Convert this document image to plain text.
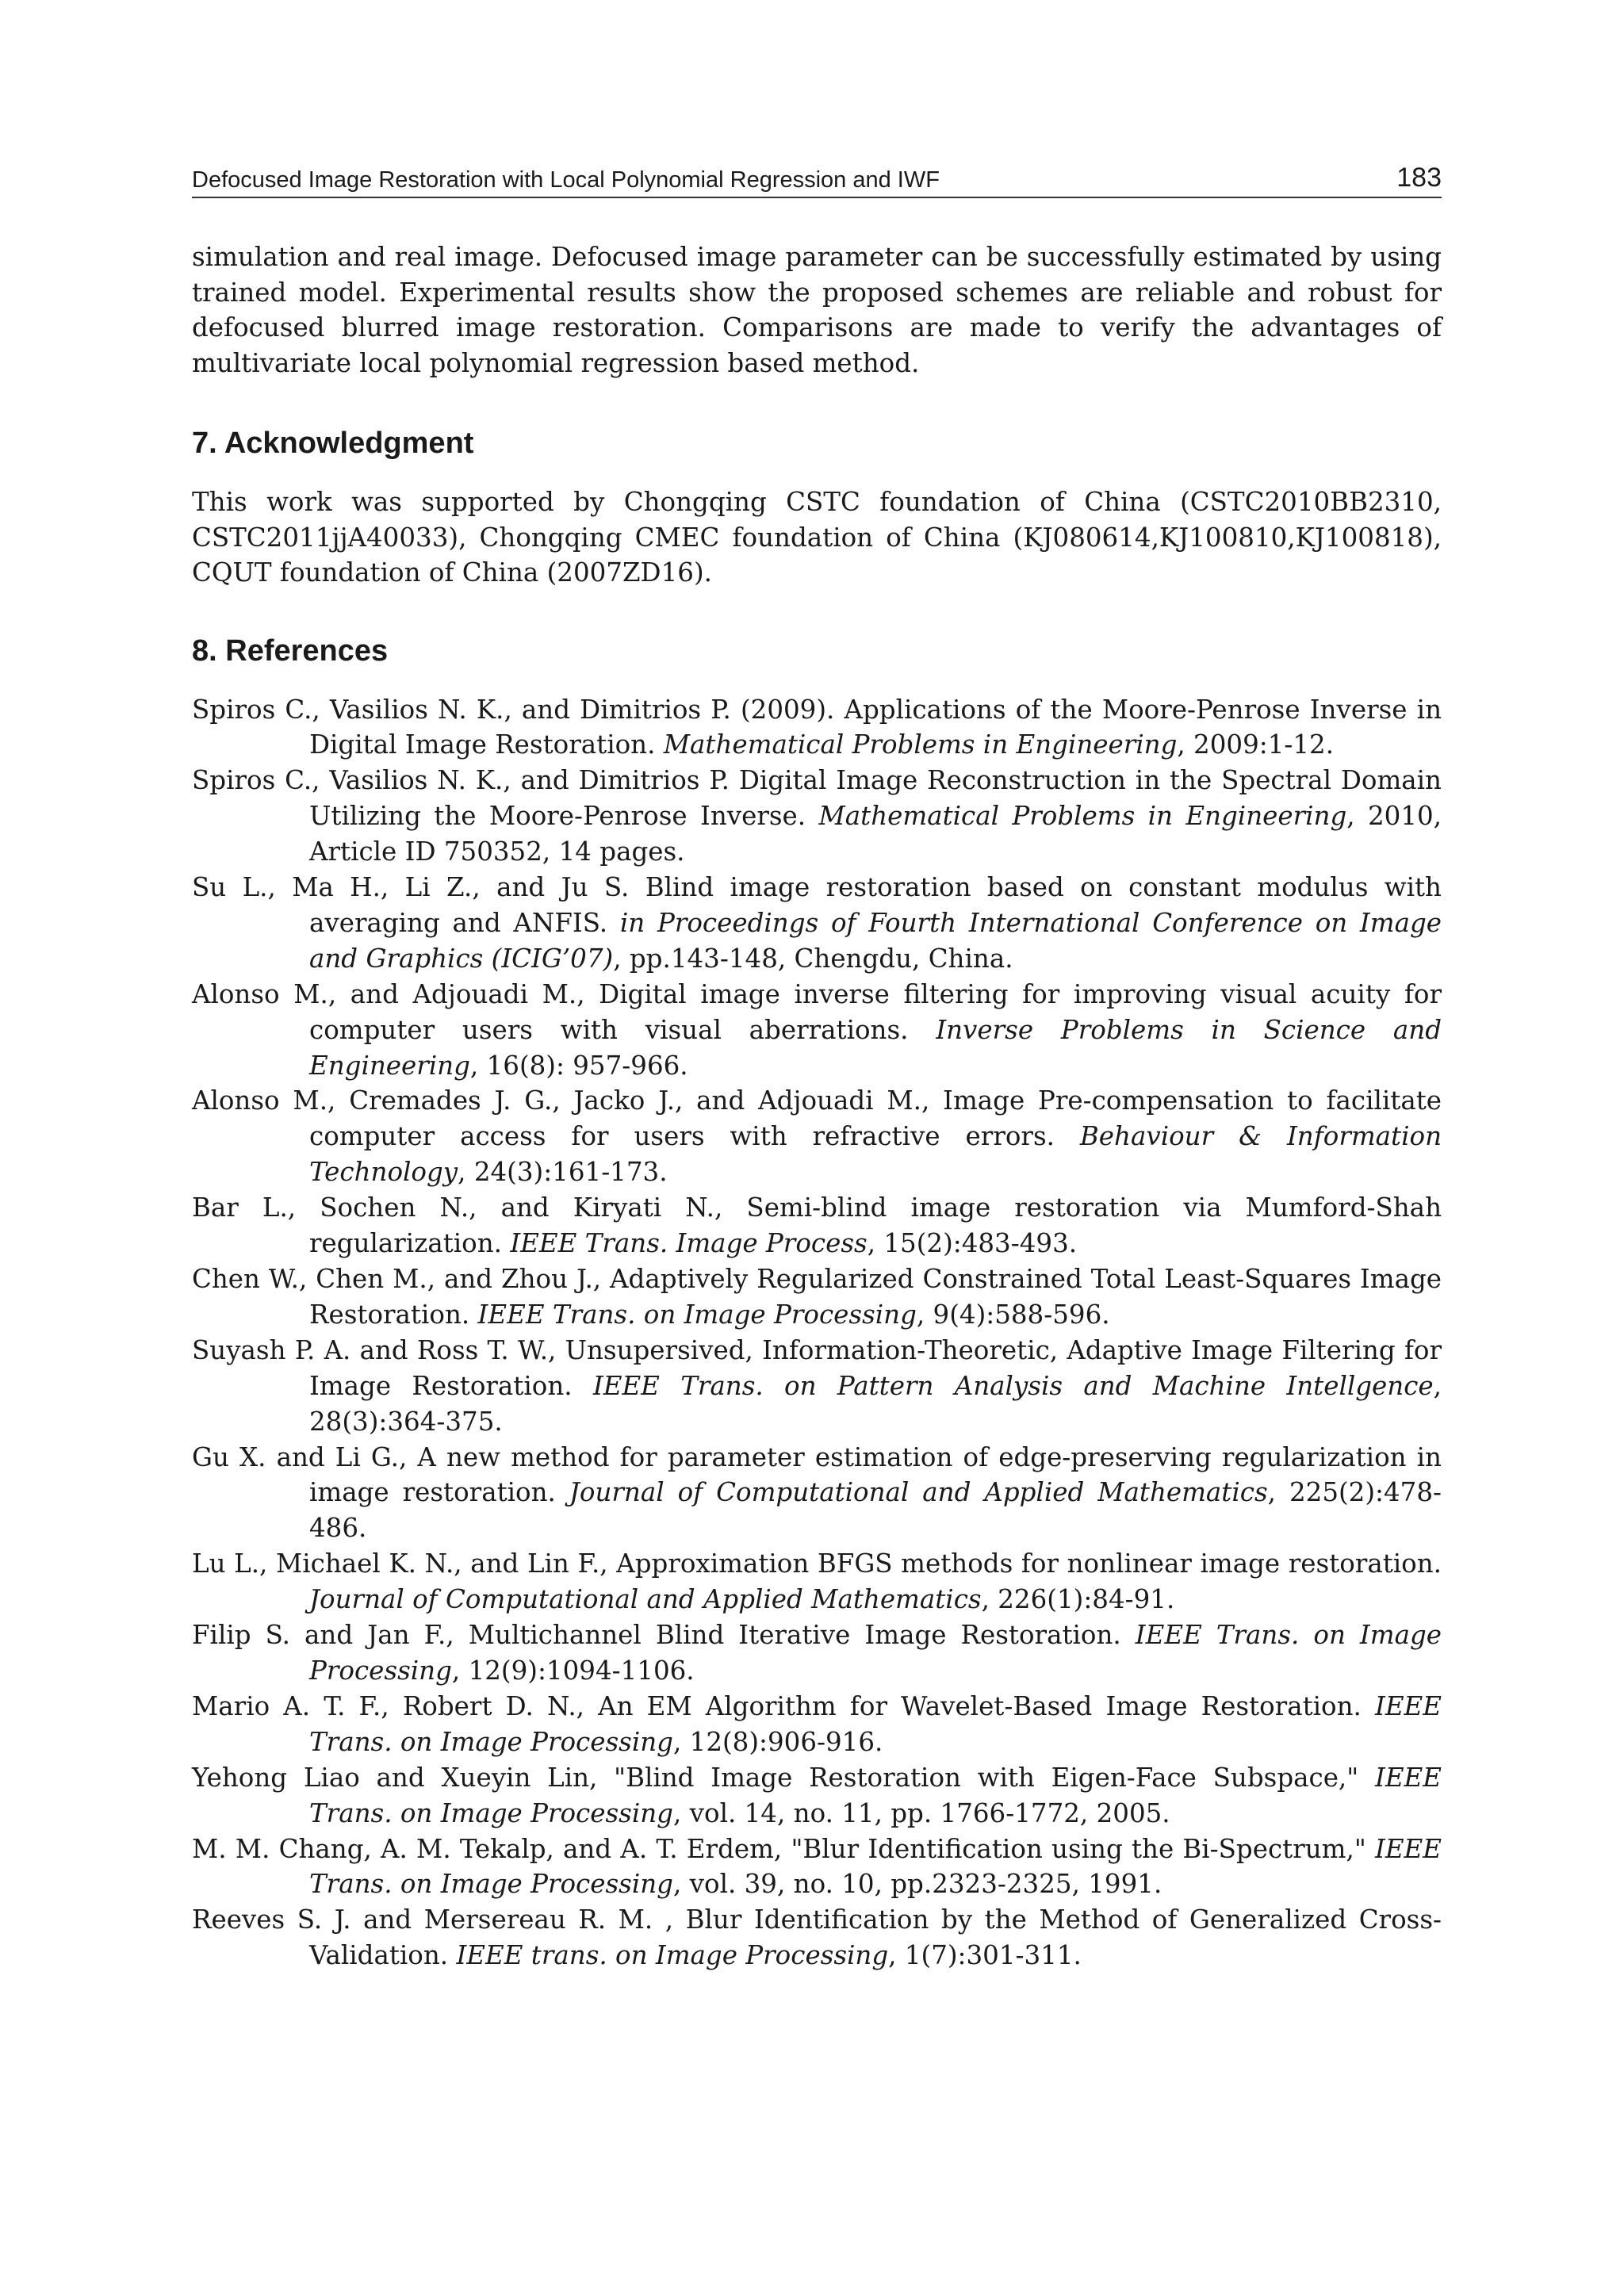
Defocused Image Restoration with Local Polynomial Regression and IWF	183

simulation and real image. Defocused image parameter can be successfully estimated by using trained model. Experimental results show the proposed schemes are reliable and robust for defocused blurred image restoration. Comparisons are made to verify the advantages of multivariate local polynomial regression based method.

7. Acknowledgment

This work was supported by Chongqing CSTC foundation of China (CSTC2010BB2310, CSTC2011jjA40033), Chongqing CMEC foundation of China (KJ080614,KJ100810,KJ100818), CQUT foundation of China (2007ZD16).

8. References
Spiros C., Vasilios N. K., and Dimitrios P. (2009). Applications of the Moore-Penrose Inverse in Digital Image Restoration. Mathematical Problems in Engineering, 2009:1-12.
Spiros C., Vasilios N. K., and Dimitrios P. Digital Image Reconstruction in the Spectral Domain Utilizing the Moore-Penrose Inverse. Mathematical Problems in Engineering, 2010, Article ID 750352, 14 pages.
Su L., Ma H., Li Z., and Ju S. Blind image restoration based on constant modulus with averaging and ANFIS. in Proceedings of Fourth International Conference on Image and Graphics (ICIG’07), pp.143-148, Chengdu, China.
Alonso M., and Adjouadi M., Digital image inverse filtering for improving visual acuity for computer users with visual aberrations. Inverse Problems in Science and Engineering, 16(8): 957-966.
Alonso M., Cremades J. G., Jacko J., and Adjouadi M., Image Pre-compensation to facilitate computer access for users with refractive errors. Behaviour & Information Technology, 24(3):161-173.
Bar L., Sochen N., and Kiryati N., Semi-blind image restoration via Mumford-Shah regularization. IEEE Trans. Image Process, 15(2):483-493.
Chen W., Chen M., and Zhou J., Adaptively Regularized Constrained Total Least-Squares Image Restoration. IEEE Trans. on Image Processing, 9(4):588-596.
Suyash P. A. and Ross T. W., Unsupersived, Information-Theoretic, Adaptive Image Filtering for Image Restoration. IEEE Trans. on Pattern Analysis and Machine Intellgence, 28(3):364-375.
Gu X. and Li G., A new method for parameter estimation of edge-preserving regularization in image restoration. Journal of Computational and Applied Mathematics, 225(2):478-486.
Lu L., Michael K. N., and Lin F., Approximation BFGS methods for nonlinear image restoration. Journal of Computational and Applied Mathematics, 226(1):84-91.
Filip S. and Jan F., Multichannel Blind Iterative Image Restoration. IEEE Trans. on Image Processing, 12(9):1094-1106.
Mario A. T. F., Robert D. N., An EM Algorithm for Wavelet-Based Image Restoration. IEEE Trans. on Image Processing, 12(8):906-916.
Yehong Liao and Xueyin Lin, "Blind Image Restoration with Eigen-Face Subspace," IEEE Trans. on Image Processing, vol. 14, no. 11, pp. 1766-1772, 2005.
M. M. Chang, A. M. Tekalp, and A. T. Erdem, "Blur Identification using the Bi-Spectrum," IEEE Trans. on Image Processing, vol. 39, no. 10, pp.2323-2325, 1991.
Reeves S. J. and Mersereau R. M. , Blur Identification by the Method of Generalized Cross-Validation. IEEE trans. on Image Processing, 1(7):301-311.
